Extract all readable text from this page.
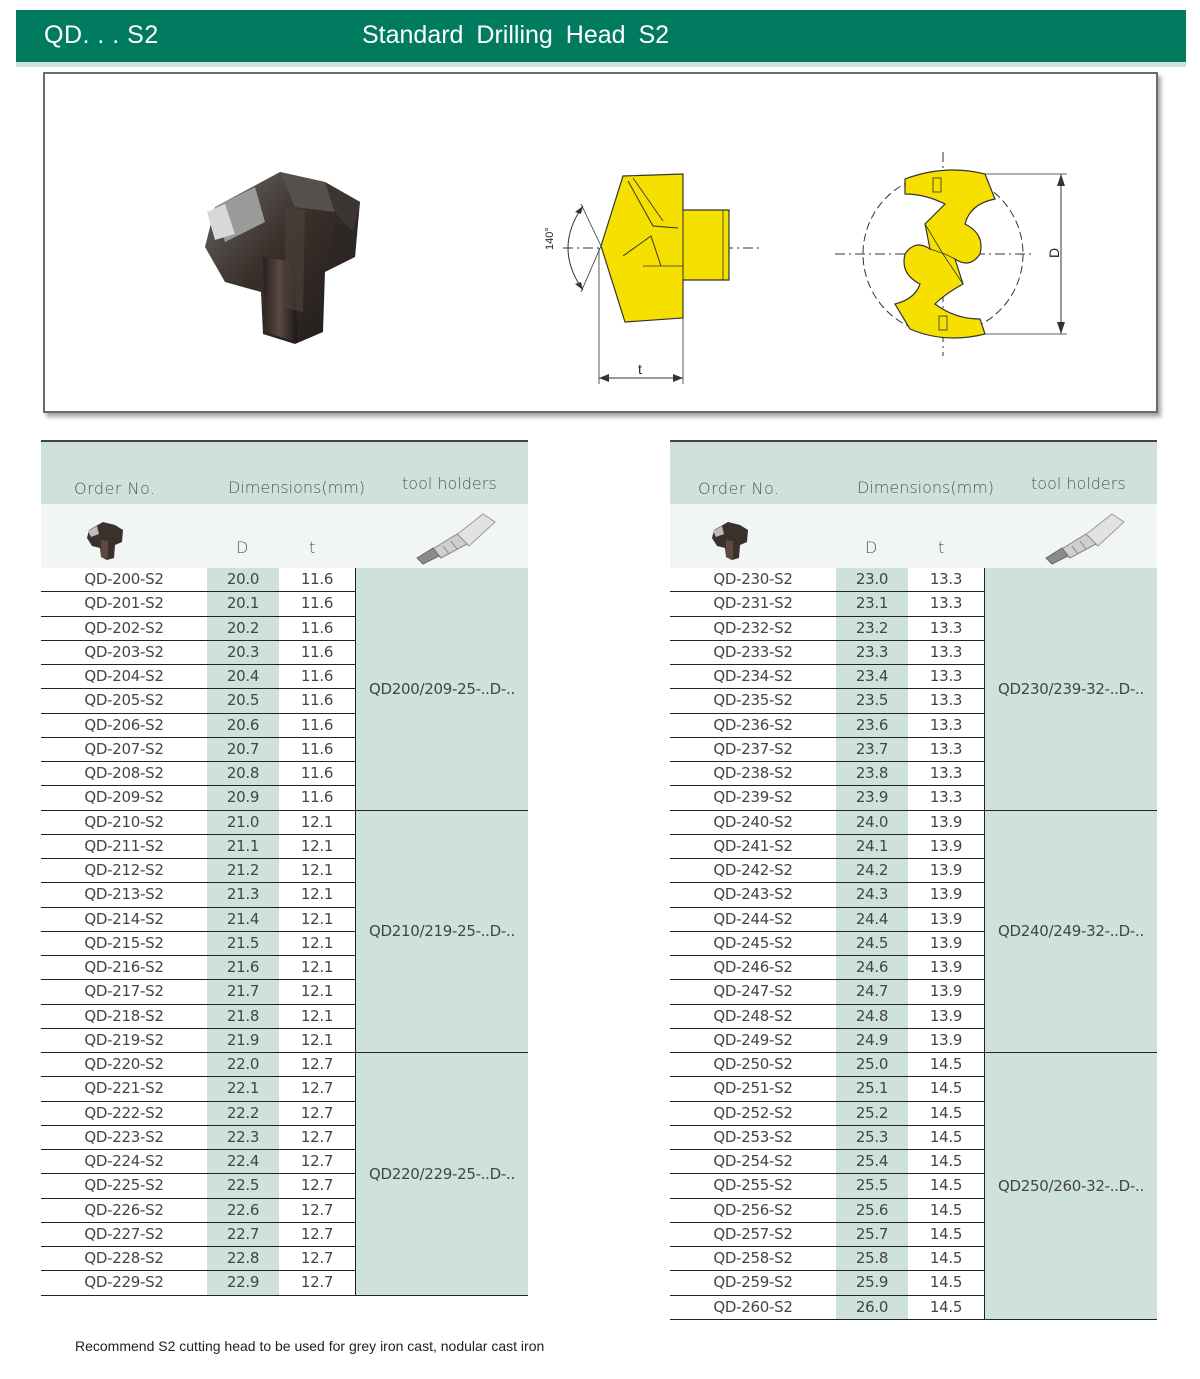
QD. . . S2	Standard Drilling Head S2
140°
t
D
Order No.	Dimensions(mm) tool holders
D	t
QD-200-S2	20.0	11.6
QD-201-S2	20.1	11.6
QD-202-S2	20.2	11.6
QD-203-S2	20.3	11.6
QD-204-S2	20.4	11.6
QD-205-S2	20.5	11.6
QD-206-S2	20.6	11.6
QD-207-S2	20.7	11.6
QD-208-S2	20.8	11.6
QD-209-S2	20.9	11.6
QD200/209-25-..D-..
QD-210-S2	21.0	12.1
QD-211-S2	21.1	12.1
QD-212-S2	21.2	12.1
QD-213-S2	21.3	12.1
QD-214-S2	21.4	12.1
QD-215-S2	21.5	12.1
QD-216-S2	21.6	12.1
QD-217-S2	21.7	12.1
QD-218-S2	21.8	12.1
QD-219-S2	21.9	12.1
QD210/219-25-..D-..
QD-220-S2	22.0	12.7
QD-221-S2	22.1	12.7
QD-222-S2	22.2	12.7
QD-223-S2	22.3	12.7
QD-224-S2	22.4	12.7
QD-225-S2	22.5	12.7
QD-226-S2	22.6	12.7
QD-227-S2	22.7	12.7
QD-228-S2	22.8	12.7
QD-229-S2	22.9	12.7
QD220/229-25-..D-..
Order No.	Dimensions(mm) tool holders
D	t
QD-230-S2	23.0	13.3
QD-231-S2	23.1	13.3
QD-232-S2	23.2	13.3
QD-233-S2	23.3	13.3
QD-234-S2	23.4	13.3
QD-235-S2	23.5	13.3
QD-236-S2	23.6	13.3
QD-237-S2	23.7	13.3
QD-238-S2	23.8	13.3
QD-239-S2	23.9	13.3
QD230/239-32-..D-..
QD-240-S2	24.0	13.9
QD-241-S2	24.1	13.9
QD-242-S2	24.2	13.9
QD-243-S2	24.3	13.9
QD-244-S2	24.4	13.9
QD-245-S2	24.5	13.9
QD-246-S2	24.6	13.9
QD-247-S2	24.7	13.9
QD-248-S2	24.8	13.9
QD-249-S2	24.9	13.9
QD240/249-32-..D-..
QD-250-S2	25.0	14.5
QD-251-S2	25.1	14.5
QD-252-S2	25.2	14.5
QD-253-S2	25.3	14.5
QD-254-S2	25.4	14.5
QD-255-S2	25.5	14.5
QD-256-S2	25.6	14.5
QD-257-S2	25.7	14.5
QD-258-S2	25.8	14.5
QD-259-S2	25.9	14.5
QD-260-S2	26.0	14.5
QD250/260-32-..D-..
Recommend S2 cutting head to be used for grey iron cast, nodular cast iron
